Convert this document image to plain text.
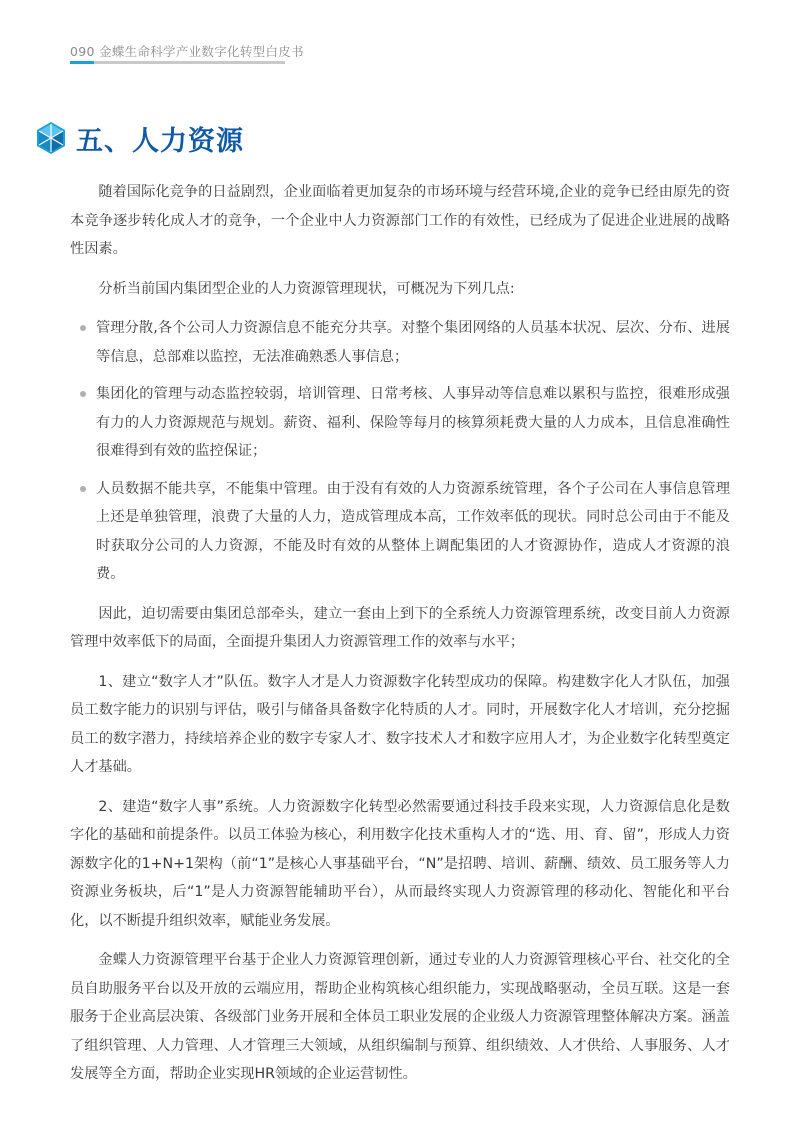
090 金蝶生命科学产业数字化转型白皮书
五、人力资源

随着国际化竞争的日益剧烈，企业面临着更加复杂的市场环境与经营环境,企业的竞争已经由原先的资本竞争逐步转化成人才的竞争，一个企业中人力资源部门工作的有效性，已经成为了促进企业进展的战略性因素。

分析当前国内集团型企业的人力资源管理现状，可概况为下列几点:

管理分散,各个公司人力资源信息不能充分共享。对整个集团网络的人员基本状况、层次、分布、进展等信息，总部难以监控，无法准确熟悉人事信息；
集团化的管理与动态监控较弱，培训管理、日常考核、人事异动等信息难以累积与监控，很难形成强有力的人力资源规范与规划。薪资、福利、保险等每月的核算须耗费大量的人力成本，且信息准确性很难得到有效的监控保证；
人员数据不能共享，不能集中管理。由于没有有效的人力资源系统管理，各个子公司在人事信息管理上还是单独管理，浪费了大量的人力，造成管理成本高，工作效率低的现状。同时总公司由于不能及时获取分公司的人力资源，不能及时有效的从整体上调配集团的人才资源协作，造成人才资源的浪费。

因此，迫切需要由集团总部牵头，建立一套由上到下的全系统人力资源管理系统，改变目前人力资源管理中效率低下的局面，全面提升集团人力资源管理工作的效率与水平；

1、建立“数字人才”队伍。数字人才是人力资源数字化转型成功的保障。构建数字化人才队伍，加强员工数字能力的识别与评估，吸引与储备具备数字化特质的人才。同时，开展数字化人才培训，充分挖掘员工的数字潜力，持续培养企业的数字专家人才、数字技术人才和数字应用人才，为企业数字化转型奠定人才基础。

2、建造“数字人事”系统。人力资源数字化转型必然需要通过科技手段来实现，人力资源信息化是数字化的基础和前提条件。以员工体验为核心，利用数字化技术重构人才的“选、用、育、留”，形成人力资源数字化的1+N+1架构（前“1”是核心人事基础平台，“N”是招聘、培训、薪酬、绩效、员工服务等人力资源业务板块，后“1”是人力资源智能辅助平台），从而最终实现人力资源管理的移动化、智能化和平台化，以不断提升组织效率，赋能业务发展。

金蝶人力资源管理平台基于企业人力资源管理创新，通过专业的人力资源管理核心平台、社交化的全员自助服务平台以及开放的云端应用，帮助企业构筑核心组织能力，实现战略驱动，全员互联。这是一套服务于企业高层决策、各级部门业务开展和全体员工职业发展的企业级人力资源管理整体解决方案。涵盖了组织管理、人力管理、人才管理三大领域，从组织编制与预算、组织绩效、人才供给、人事服务、人才发展等全方面，帮助企业实现HR领域的企业运营韧性。
